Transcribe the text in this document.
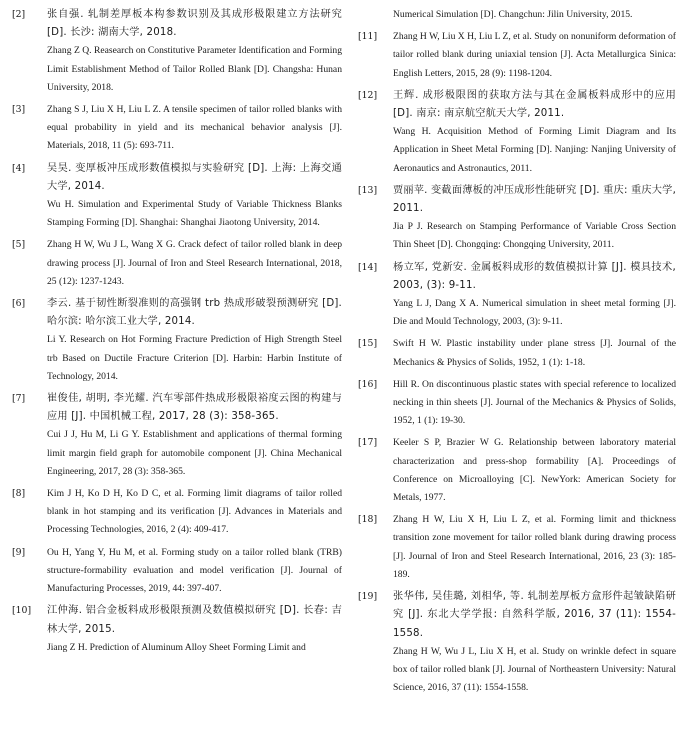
[2] 张自强. 轧制差厚板本构参数识别及其成形极限建立方法研究 [D]. 长沙: 湖南大学, 2018.
Zhang Z Q. Reasearch on Constitutive Parameter Identification and Forming Limit Establishment Method of Tailor Rolled Blank [D]. Changsha: Hunan University, 2018.
[3] Zhang S J, Liu X H, Liu L Z. A tensile specimen of tailor rolled blanks with equal probability in yield and its mechanical behavior analysis [J]. Materials, 2018, 11 (5): 693-711.
[4] 吴昊. 变厚板冲压成形数值模拟与实验研究 [D]. 上海: 上海交通大学, 2014.
Wu H. Simulation and Experimental Study of Variable Thickness Blanks Stamping Forming [D]. Shanghai: Shanghai Jiaotong University, 2014.
[5] Zhang H W, Wu J L, Wang X G. Crack defect of tailor rolled blank in deep drawing process [J]. Journal of Iron and Steel Research International, 2018, 25 (12): 1237-1243.
[6] 李云. 基于韧性断裂准则的高强钢 trb 热成形破裂预测研究 [D]. 哈尔滨: 哈尔滨工业大学, 2014.
Li Y. Research on Hot Forming Fracture Prediction of High Strength Steel trb Based on Ductile Fracture Criterion [D]. Harbin: Harbin Institute of Technology, 2014.
[7] 崔俊佳, 胡明, 李光耀. 汽车零部件热成形极限裕度云图的构建与应用 [J]. 中国机械工程, 2017, 28 (3): 358-365.
Cui J J, Hu M, Li G Y. Establishment and applications of thermal forming limit margin field graph for automobile component [J]. China Mechanical Engineering, 2017, 28 (3): 358-365.
[8] Kim J H, Ko D H, Ko D C, et al. Forming limit diagrams of tailor rolled blank in hot stamping and its verification [J]. Advances in Materials and Processing Technologies, 2016, 2 (4): 409-417.
[9] Ou H, Yang Y, Hu M, et al. Forming study on a tailor rolled blank (TRB) structure-formability evaluation and model verification [J]. Journal of Manufacturing Processes, 2019, 44: 397-407.
[10] 江仲海. 铝合金板料成形极限预测及数值模拟研究 [D]. 长春: 吉林大学, 2015.
Jiang Z H. Prediction of Aluminum Alloy Sheet Forming Limit and
Numerical Simulation [D]. Changchun: Jilin University, 2015.
[11] Zhang H W, Liu X H, Liu L Z, et al. Study on nonuniform deformation of tailor rolled blank during uniaxial tension [J]. Acta Metallurgica Sinica: English Letters, 2015, 28 (9): 1198-1204.
[12] 王辉. 成形极限图的获取方法与其在金属板料成形中的应用 [D]. 南京: 南京航空航天大学, 2011.
Wang H. Acquisition Method of Forming Limit Diagram and Its Application in Sheet Metal Forming [D]. Nanjing: Nanjing University of Aeronautics and Astronautics, 2011.
[13] 贾丽苹. 变截面薄板的冲压成形性能研究 [D]. 重庆: 重庆大学, 2011.
Jia P J. Research on Stamping Performance of Variable Cross Section Thin Sheet [D]. Chongqing: Chongqing University, 2011.
[14] 杨立军, 党新安. 金属板料成形的数值模拟计算 [J]. 模具技术, 2003, (3): 9-11.
Yang L J, Dang X A. Numerical simulation in sheet metal forming [J]. Die and Mould Technology, 2003, (3): 9-11.
[15] Swift H W. Plastic instability under plane stress [J]. Journal of the Mechanics & Physics of Solids, 1952, 1 (1): 1-18.
[16] Hill R. On discontinuous plastic states with special reference to localized necking in thin sheets [J]. Journal of the Mechanics & Physics of Solids, 1952, 1 (1): 19-30.
[17] Keeler S P, Brazier W G. Relationship between laboratory material characterization and press-shop formability [A]. Proceedings of Conference on Microalloying [C]. NewYork: American Society for Metals, 1977.
[18] Zhang H W, Liu X H, Liu L Z, et al. Forming limit and thickness transition zone movement for tailor rolled blank during drawing process [J]. Journal of Iron and Steel Research International, 2016, 23 (3): 185-189.
[19] 张华伟, 吴佳璐, 刘相华, 等. 轧制差厚板方盒形件起皱缺陷研究 [J]. 东北大学学报: 自然科学版, 2016, 37 (11): 1554-1558.
Zhang H W, Wu J L, Liu X H, et al. Study on wrinkle defect in square box of tailor rolled blank [J]. Journal of Northeastern University: Natural Science, 2016, 37 (11): 1554-1558.
